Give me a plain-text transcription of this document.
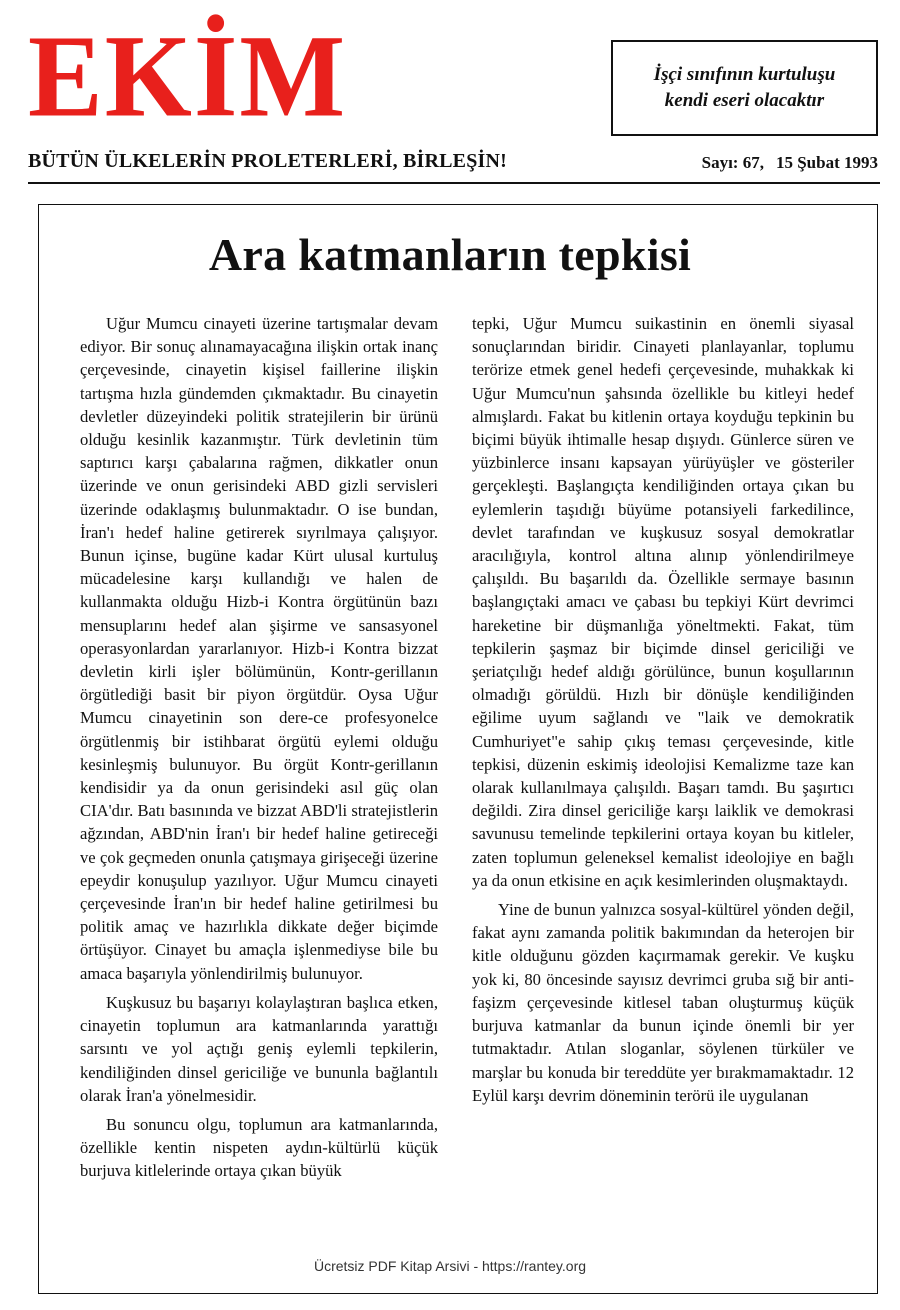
EKİM	İşçi sınıfının kurtuluşu
kendi eseri olacaktır
BÜTÜN ÜLKELERİN PROLETERLERİ, BİRLEŞİN!	Sayı: 67, 15 Şubat 1993
Ara katmanların tepkisi

Uğur Mumcu cinayeti üzerine tartışmalar devam ediyor. Bir sonuç alınamayacağına ilişkin ortak inanç çerçevesinde, cinayetin kişisel faillerine ilişkin tartışma hızla gündemden çıkmaktadır. Bu cinayetin devletler düzeyindeki politik stratejilerin bir ürünü olduğu kesinlik kazanmıştır. Türk devletinin tüm saptırıcı karşı çabalarına rağmen, dikkatler onun üzerinde ve onun gerisindeki ABD gizli servisleri üzerinde odaklaşmış bulunmaktadır. O ise bundan, İran'ı hedef haline getirerek sıyrılmaya çalışıyor. Bunun içinse, bugüne kadar Kürt ulusal kurtuluş mücadelesine karşı kullandığı ve halen de kullanmakta olduğu Hizb-i Kontra örgütünün bazı mensuplarını hedef alan şişirme ve sansasyonel operasyonlardan yararlanıyor. Hizb-i Kontra bizzat devletin kirli işler bölümünün, Kontr-gerillanın örgütlediği basit bir piyon örgütdür. Oysa Uğur Mumcu cinayetinin son dere-ce profesyonelce örgütlenmiş bir istihbarat örgütü eylemi olduğu kesinleşmiş bulunuyor. Bu örgüt Kontr-gerillanın kendisidir ya da onun gerisindeki asıl güç olan CIA'dır. Batı basınında ve bizzat ABD'li stratejistlerin ağzından, ABD'nin İran'ı bir hedef haline getireceği ve çok geçmeden onunla çatışmaya girişeceği üzerine epeydir konuşulup yazılıyor. Uğur Mumcu cinayeti çerçevesinde İran'ın bir hedef haline getirilmesi bu politik amaç ve hazırlıkla dikkate değer biçimde örtüşüyor. Cinayet bu amaçla işlenmediyse bile bu amaca başarıyla yönlendirilmiş bulunuyor.

Kuşkusuz bu başarıyı kolaylaştıran başlıca etken, cinayetin toplumun ara katmanlarında yarattığı sarsıntı ve yol açtığı geniş eylemli tepkilerin, kendiliğinden dinsel gericiliğe ve bununla bağlantılı olarak İran'a yönelmesidir.

Bu sonuncu olgu, toplumun ara katmanlarında, özellikle kentin nispeten aydın-kültürlü küçük burjuva kitlelerinde ortaya çıkan büyük

tepki, Uğur Mumcu suikastinin en önemli siyasal sonuçlarından biridir. Cinayeti planlayanlar, toplumu terörize etmek genel hedefi çerçevesinde, muhakkak ki Uğur Mumcu'nun şahsında özellikle bu kitleyi hedef almışlardı. Fakat bu kitlenin ortaya koyduğu tepkinin bu biçimi büyük ihtimalle hesap dışıydı. Günlerce süren ve yüzbinlerce insanı kapsayan yürüyüşler ve gösteriler gerçekleşti. Başlangıçta kendiliğinden ortaya çıkan bu eylemlerin taşıdığı büyüme potansiyeli farkedilince, devlet tarafından ve kuşkusuz sosyal demokratlar aracılığıyla, kontrol altına alınıp yönlendirilmeye çalışıldı. Bu başarıldı da. Özellikle sermaye basının başlangıçtaki amacı ve çabası bu tepkiyi Kürt devrimci hareketine bir düşmanlığa yöneltmekti. Fakat, tüm tepkilerin şaşmaz bir biçimde dinsel gericiliği ve şeriatçılığı hedef aldığı görülünce, bunun koşullarının olmadığı görüldü. Hızlı bir dönüşle kendiliğinden eğilime uyum sağlandı ve "laik ve demokratik Cumhuriyet"e sahip çıkış teması çerçevesinde, kitle tepkisi, düzenin eskimiş ideolojisi Kemalizme taze kan olarak kullanılmaya çalışıldı. Başarı tamdı. Bu şaşırtıcı değildi. Zira dinsel gericiliğe karşı laiklik ve demokrasi savunusu temelinde tepkilerini ortaya koyan bu kitleler, zaten toplumun geleneksel kemalist ideolojiye en bağlı ya da onun etkisine en açık kesimlerinden oluşmaktaydı.

Yine de bunun yalnızca sosyal-kültürel yönden değil, fakat aynı zamanda politik bakımından da heterojen bir kitle olduğunu gözden kaçırmamak gerekir. Ve kuşku yok ki, 80 öncesinde sayısız devrimci gruba sığ bir anti-faşizm çerçevesinde kitlesel taban oluşturmuş küçük burjuva katmanlar da bunun içinde önemli bir yer tutmaktadır. Atılan sloganlar, söylenen türküler ve marşlar bu konuda bir tereddüte yer bırakmamaktadır. 12 Eylül karşı devrim döneminin terörü ile uygulanan

Ücretsiz PDF Kitap Arsivi - https://rantey.org
